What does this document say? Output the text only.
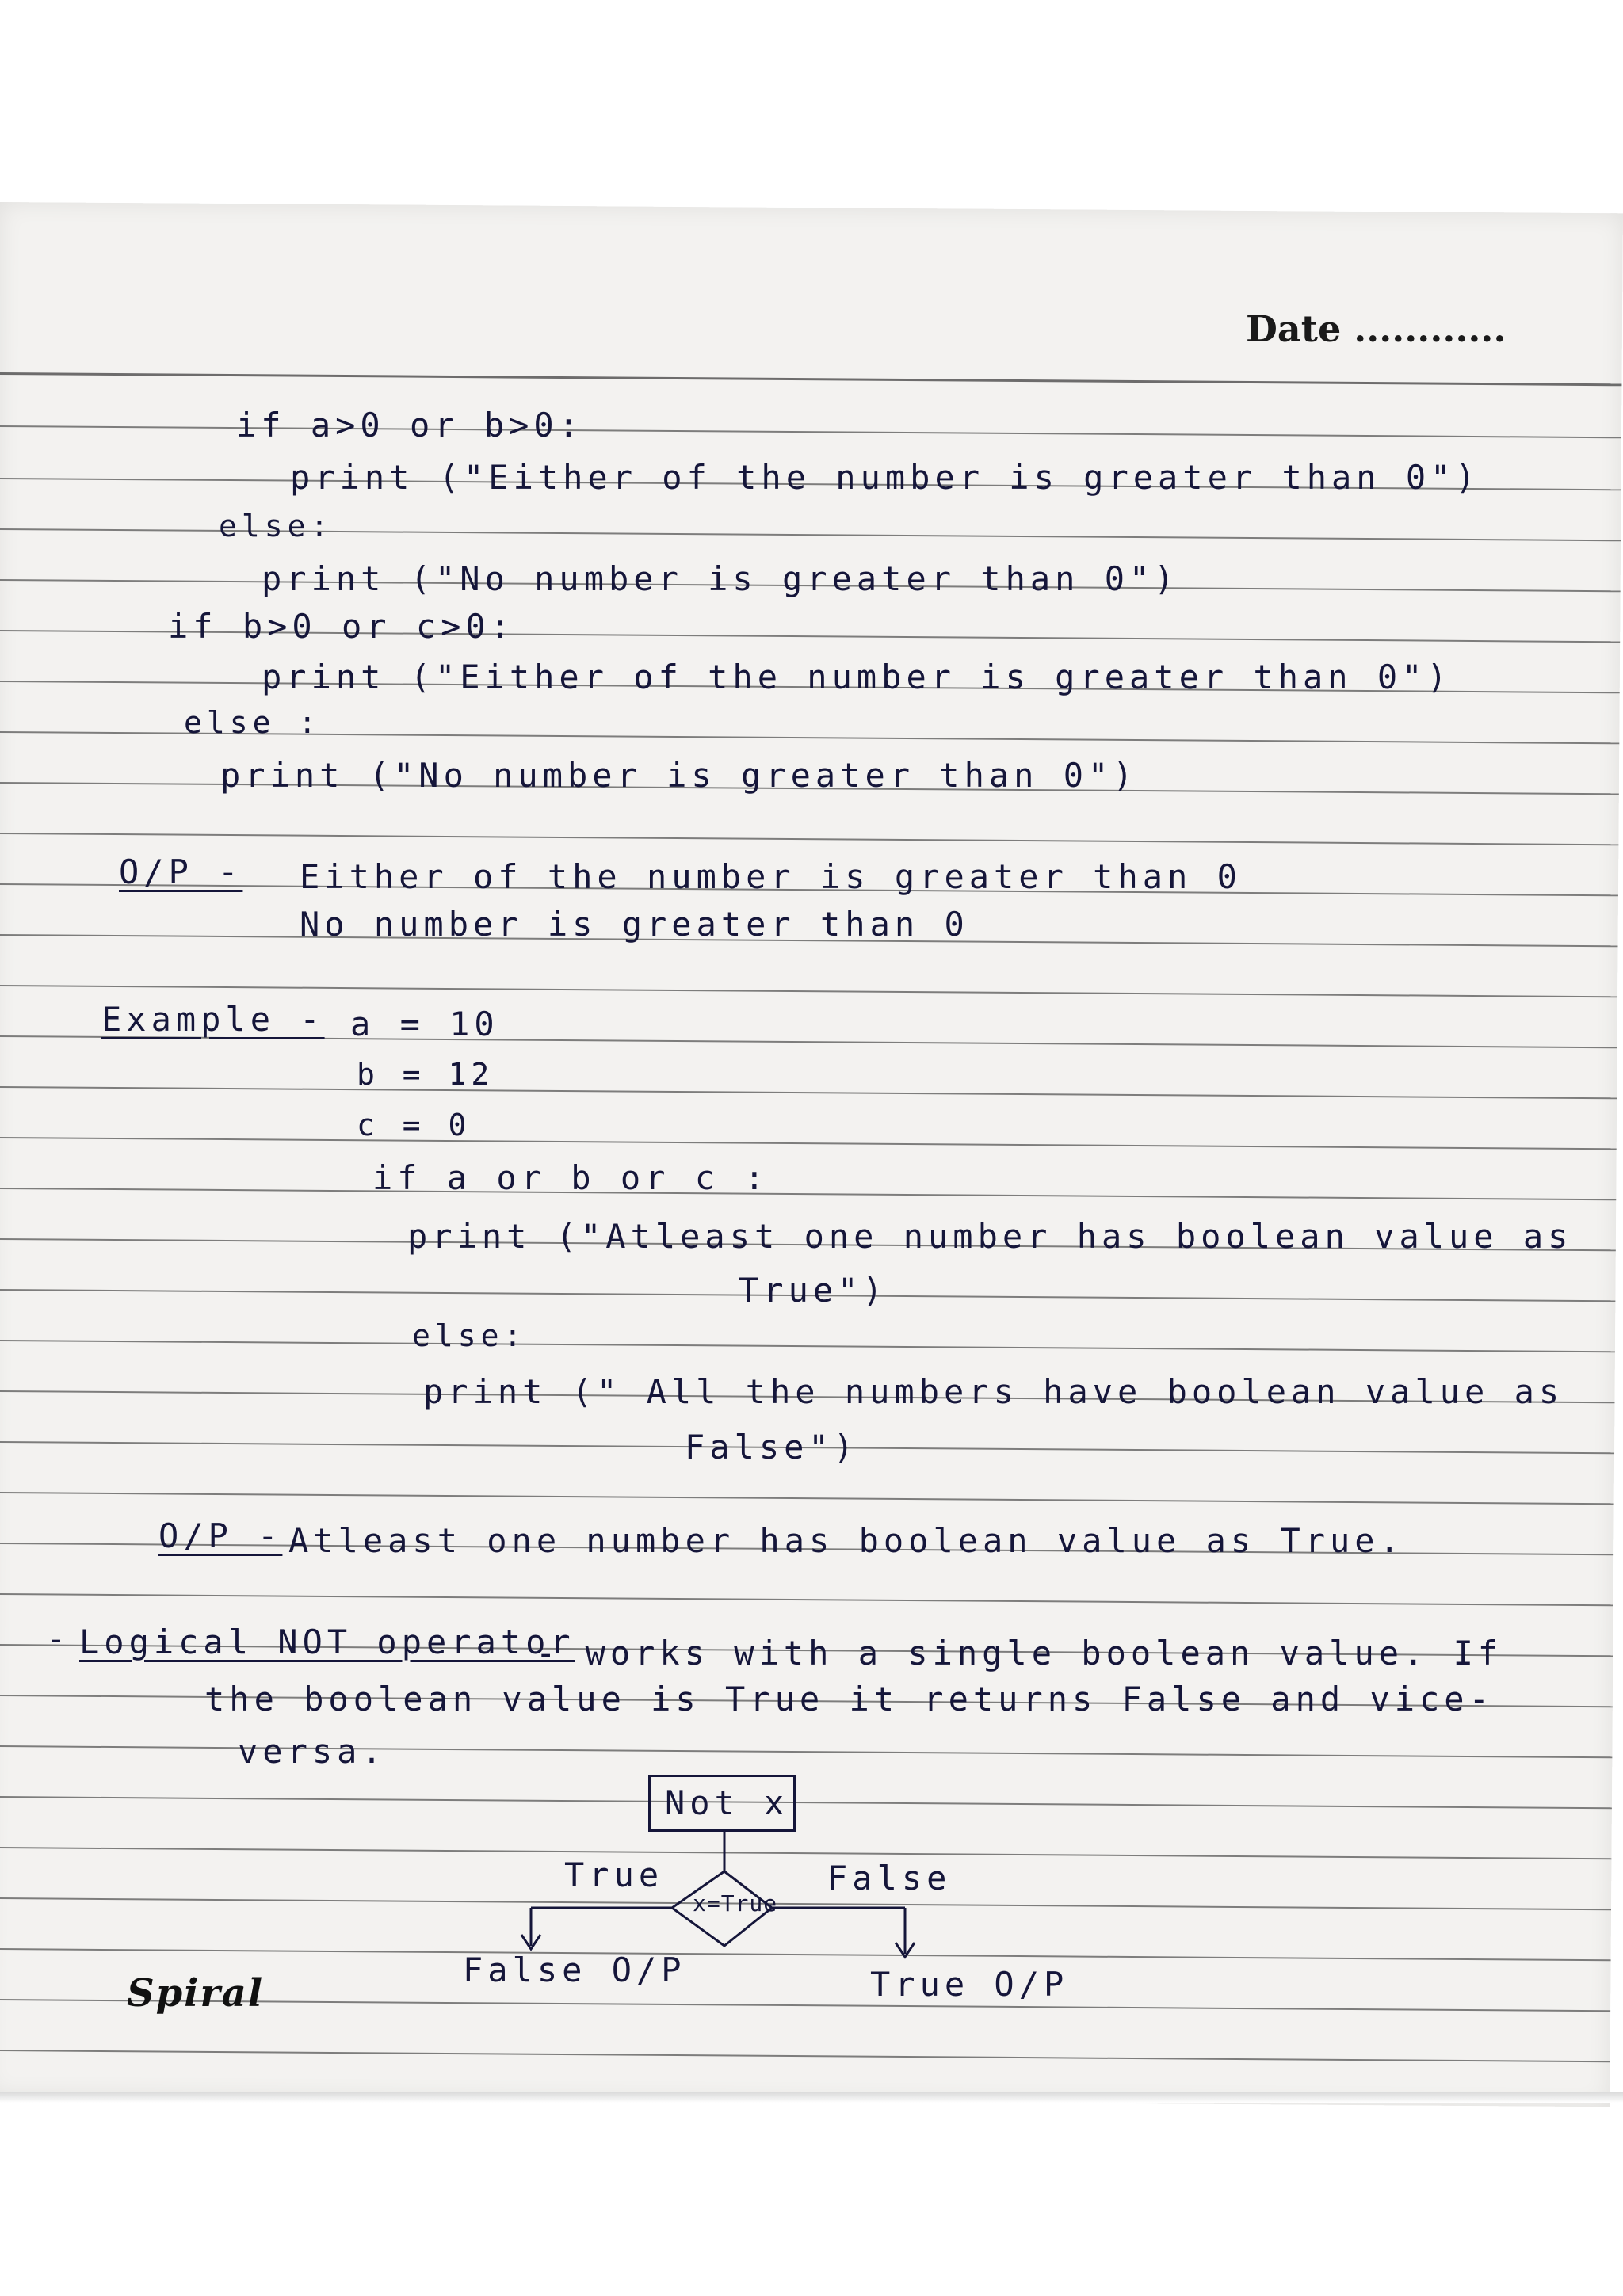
Date ............
if a>0 or b>0:
print ("Either of the number is greater than 0")
else:
print ("No number is greater than 0")
if b>0 or c>0:
print ("Either of the number is greater than 0")
else :
print ("No number is greater than 0")
O/P - Either of the number is greater than 0
No number is greater than 0
Example - a = 10
b = 12
c = 0
if a or b or c :
print ("Atleast one number has boolean value as
True")
else:
print (" All the numbers have boolean value as
False")
O/P - Atleast one number has boolean value as True.
- Logical NOT operator
- works with a single boolean value. If
the boolean value is True it returns False and vice-
versa.
Not x
x=True
True	False
False O/P	True O/P
Spiral
